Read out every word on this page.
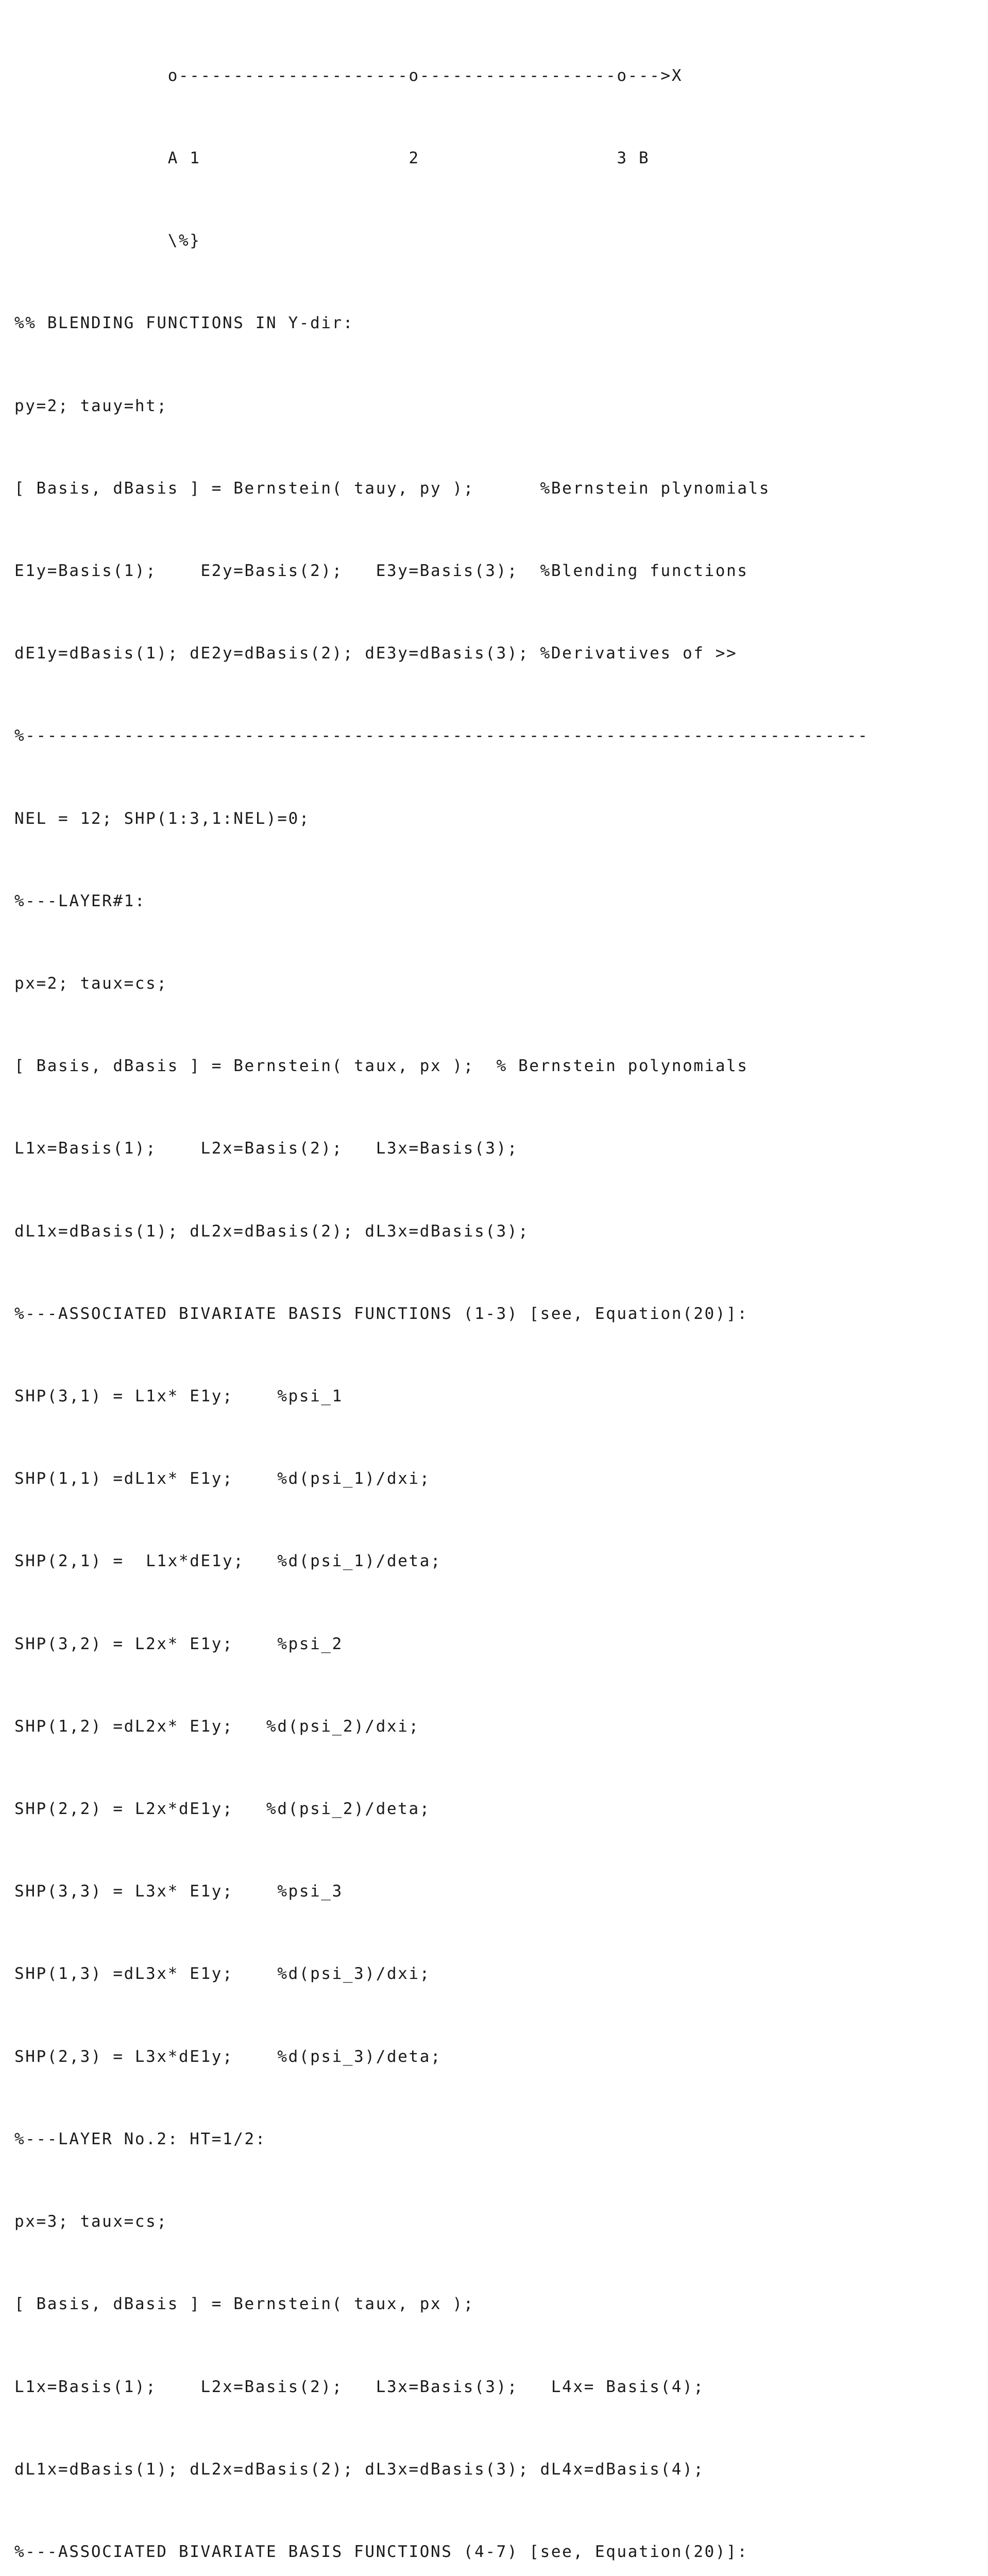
o---------------------o------------------o--->X

A 1                   2                  3 B

\%}

%% BLENDING FUNCTIONS IN Y-dir:

py=2; tauy=ht;

[ Basis, dBasis ] = Bernstein( tauy, py );      %Bernstein plynomials

E1y=Basis(1);    E2y=Basis(2);   E3y=Basis(3);  %Blending functions

dE1y=dBasis(1); dE2y=dBasis(2); dE3y=dBasis(3); %Derivatives of >>

%-----------------------------------------------------------------------------

NEL = 12; SHP(1:3,1:NEL)=0;

%---LAYER#1:

px=2; taux=cs;

[ Basis, dBasis ] = Bernstein( taux, px );  % Bernstein polynomials

L1x=Basis(1);    L2x=Basis(2);   L3x=Basis(3);

dL1x=dBasis(1); dL2x=dBasis(2); dL3x=dBasis(3);

%---ASSOCIATED BIVARIATE BASIS FUNCTIONS (1-3) [see, Equation(20)]:

SHP(3,1) = L1x* E1y;    %psi_1

SHP(1,1) =dL1x* E1y;    %d(psi_1)/dxi;

SHP(2,1) =  L1x*dE1y;   %d(psi_1)/deta;

SHP(3,2) = L2x* E1y;    %psi_2

SHP(1,2) =dL2x* E1y;   %d(psi_2)/dxi;

SHP(2,2) = L2x*dE1y;   %d(psi_2)/deta;

SHP(3,3) = L3x* E1y;    %psi_3

SHP(1,3) =dL3x* E1y;    %d(psi_3)/dxi;

SHP(2,3) = L3x*dE1y;    %d(psi_3)/deta;

%---LAYER No.2: HT=1/2:

px=3; taux=cs;

[ Basis, dBasis ] = Bernstein( taux, px );

L1x=Basis(1);    L2x=Basis(2);   L3x=Basis(3);   L4x= Basis(4);

dL1x=dBasis(1); dL2x=dBasis(2); dL3x=dBasis(3); dL4x=dBasis(4);

%---ASSOCIATED BIVARIATE BASIS FUNCTIONS (4-7) [see, Equation(20)]:
